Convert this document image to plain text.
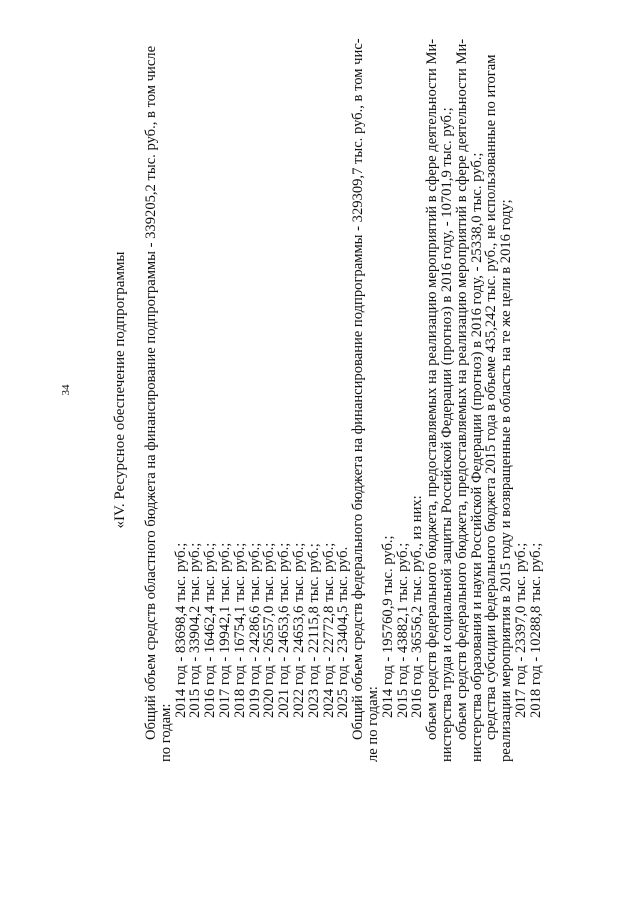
34	«IV. Ресурсное обеспечение подпрограммы Общий объем средств областного бюджета на финансирование подпрограммы - 339205,2 тыс. руб., в том числе
по годам:
2014 год - 83698,4 тыс. руб.;
2015 год - 33904,2 тыс. руб.;
2016 год - 16462,4 тыс. руб.;
2017 год - 19942,1 тыс. руб.;
2018 год - 16754,1 тыс. руб.;
2019 год - 24286,6 тыс. руб.;
2020 год - 26557,0 тыс. руб.;
2021 год - 24653,6 тыс. руб.;
2022 год - 24653,6 тыс. руб.;
2023 год - 22115,8 тыс. руб.;
2024 год - 22772,8 тыс. руб.;
2025 год - 23404,5 тыс. руб.
Общий объем средств федерального бюджета на финансирование подпрограммы - 329309,7 тыс. руб., в том чис-
ле по годам:
2014 год - 195760,9 тыс. руб.;
2015 год - 43882,1 тыс. руб.;
2016 год - 36556,2 тыс. руб., из них:
объем средств федерального бюджета, предоставляемых на реализацию мероприятий в сфере деятельности Ми-
нистерства труда и социальной защиты Российской Федерации (прогноз) в 2016 году, - 10701,9 тыс. руб.;
объем средств федерального бюджета, предоставляемых на реализацию мероприятий в сфере деятельности Ми-
нистерства образования и науки Российской Федерации (прогноз) в 2016 году, - 25338,0 тыс. руб.;
средства субсидии федерального бюджета 2015 года в объеме 435,242 тыс. руб., не использованные по итогам
реализации мероприятия в 2015 году и возвращенные в область на те же цели в 2016 году;
2017 год - 23397,0 тыс. руб.;
2018 год - 10288,8 тыс. руб.;
